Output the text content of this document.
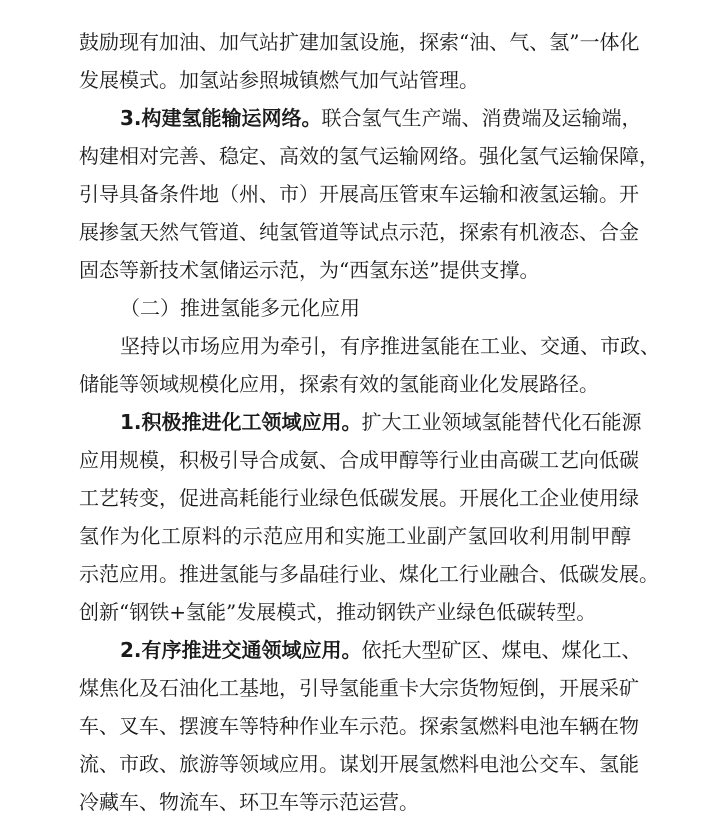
鼓励现有加油、加气站扩建加氢设施，探索“油、气、氢”一体化
发展模式。加氢站参照城镇燃气加气站管理。
3.构建氢能输运网络。联合氢气生产端、消费端及运输端，
构建相对完善、稳定、高效的氢气运输网络。强化氢气运输保障，
引导具备条件地（州、市）开展高压管束车运输和液氢运输。开
展掺氢天然气管道、纯氢管道等试点示范，探索有机液态、合金
固态等新技术氢储运示范，为“西氢东送”提供支撑。
（二）推进氢能多元化应用
坚持以市场应用为牵引，有序推进氢能在工业、交通、市政、
储能等领域规模化应用，探索有效的氢能商业化发展路径。
1.积极推进化工领域应用。扩大工业领域氢能替代化石能源
应用规模，积极引导合成氨、合成甲醇等行业由高碳工艺向低碳
工艺转变，促进高耗能行业绿色低碳发展。开展化工企业使用绿
氢作为化工原料的示范应用和实施工业副产氢回收利用制甲醇
示范应用。推进氢能与多晶硅行业、煤化工行业融合、低碳发展。
创新“钢铁+氢能”发展模式，推动钢铁产业绿色低碳转型。
2.有序推进交通领域应用。依托大型矿区、煤电、煤化工、
煤焦化及石油化工基地，引导氢能重卡大宗货物短倒，开展采矿
车、叉车、摆渡车等特种作业车示范。探索氢燃料电池车辆在物
流、市政、旅游等领域应用。谋划开展氢燃料电池公交车、氢能
冷藏车、物流车、环卫车等示范运营。
